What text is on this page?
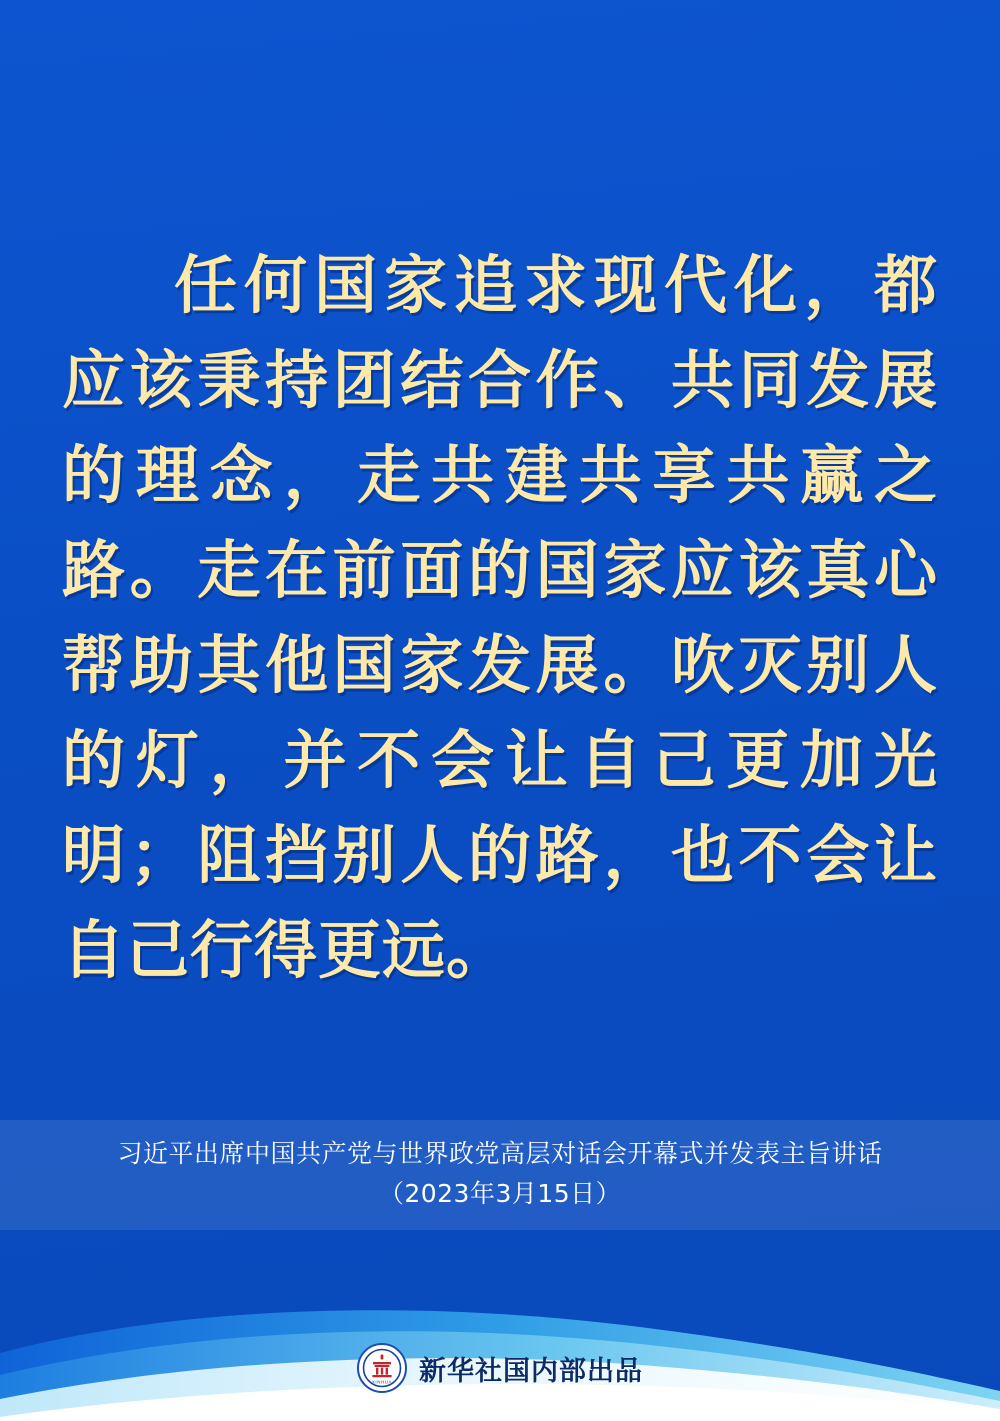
任何国家追求现代化，都应该秉持团结合作、共同发展的理念，走共建共享共赢之路。走在前面的国家应该真心帮助其他国家发展。吹灭别人的灯，并不会让自己更加光明；阻挡别人的路，也不会让自己行得更远。
习近平出席中国共产党与世界政党高层对话会开幕式并发表主旨讲话
（2023年3月15日）
XINHUA 新华社国内部出品
